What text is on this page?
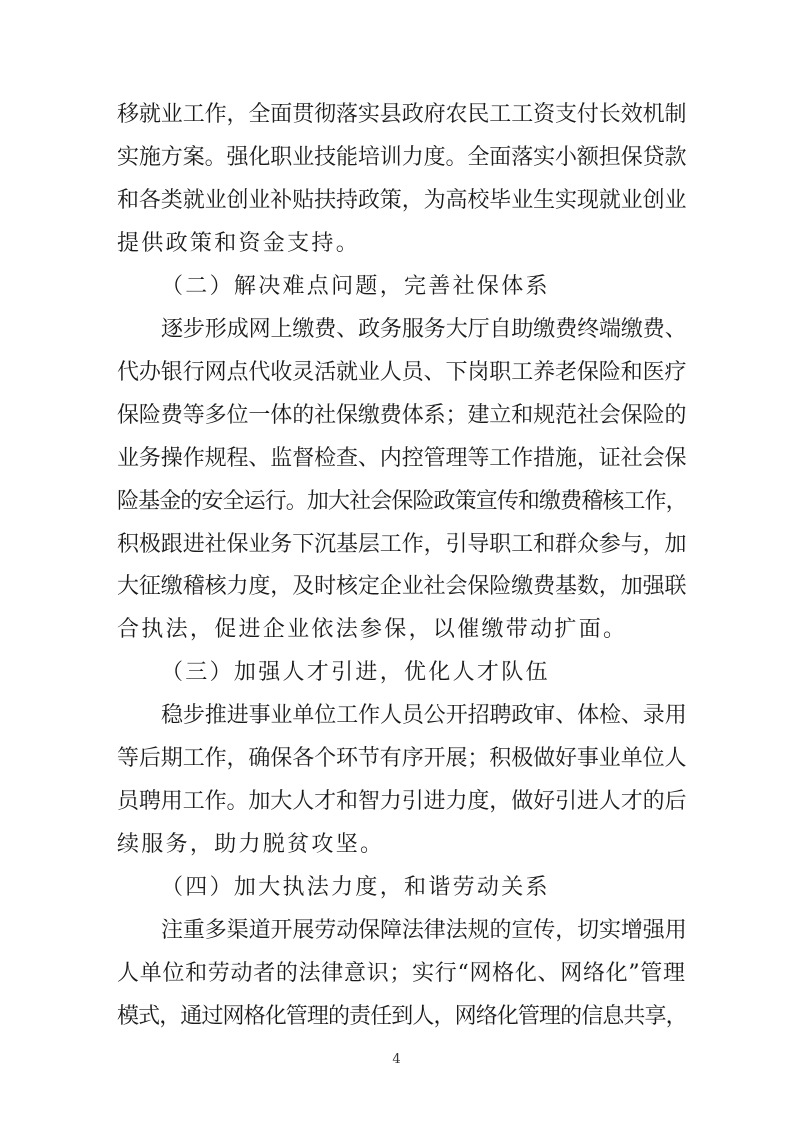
移就业工作，全面贯彻落实县政府农民工工资支付长效机制
实施方案。强化职业技能培训力度。全面落实小额担保贷款
和各类就业创业补贴扶持政策，为高校毕业生实现就业创业
提供政策和资金支持。
（二）解决难点问题，完善社保体系
逐步形成网上缴费、政务服务大厅自助缴费终端缴费、
代办银行网点代收灵活就业人员、下岗职工养老保险和医疗
保险费等多位一体的社保缴费体系；建立和规范社会保险的
业务操作规程、监督检查、内控管理等工作措施，证社会保
险基金的安全运行。加大社会保险政策宣传和缴费稽核工作，
积极跟进社保业务下沉基层工作，引导职工和群众参与，加
大征缴稽核力度，及时核定企业社会保险缴费基数，加强联
合执法，促进企业依法参保，以催缴带动扩面。
（三）加强人才引进，优化人才队伍
稳步推进事业单位工作人员公开招聘政审、体检、录用
等后期工作，确保各个环节有序开展；积极做好事业单位人
员聘用工作。加大人才和智力引进力度，做好引进人才的后
续服务，助力脱贫攻坚。
（四）加大执法力度，和谐劳动关系
注重多渠道开展劳动保障法律法规的宣传，切实增强用
人单位和劳动者的法律意识；实行“网格化、网络化”管理
模式，通过网格化管理的责任到人，网络化管理的信息共享，
4
